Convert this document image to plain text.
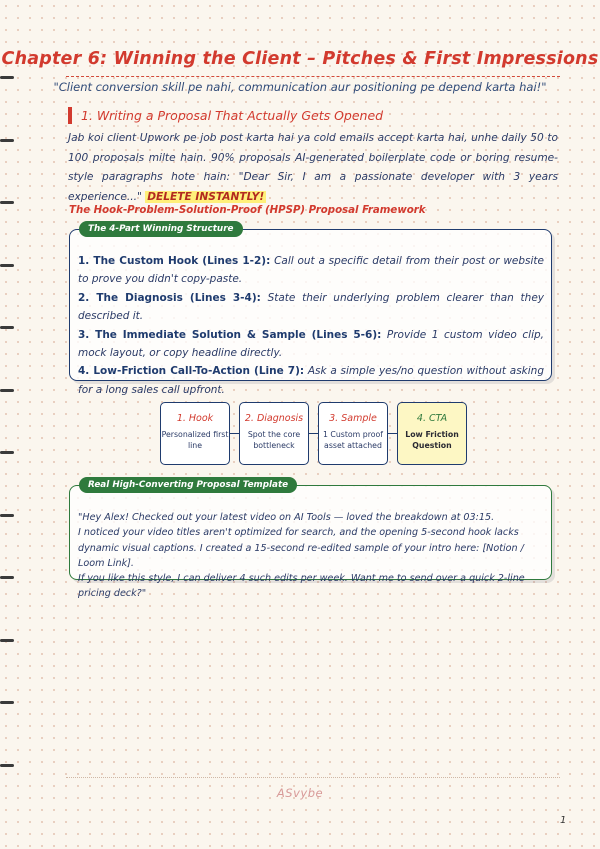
Chapter 6: Winning the Client – Pitches & First Impressions
"Client conversion skill pe nahi, communication aur positioning pe depend karta hai!"
1. Writing a Proposal That Actually Gets Opened
Jab koi client Upwork pe job post karta hai ya cold emails accept karta hai, unhe daily 50 to 100 proposals milte hain. 90% proposals AI-generated boilerplate code or boring resume-style paragraphs hote hain: "Dear Sir, I am a passionate developer with 3 years experience..." DELETE INSTANTLY!
The Hook-Problem-Solution-Proof (HPSP) Proposal Framework
The 4-Part Winning Structure

1. The Custom Hook (Lines 1-2): Call out a specific detail from their post or website to prove you didn't copy-paste.

2. The Diagnosis (Lines 3-4): State their underlying problem clearer than they described it.

3. The Immediate Solution & Sample (Lines 5-6): Provide 1 custom video clip, mock layout, or copy headline directly.

4. Low-Friction Call-To-Action (Line 7): Ask a simple yes/no question without asking for a long sales call upfront.

1. Hook
Personalized first line
2. Diagnosis
Spot the core bottleneck
3. Sample
1 Custom proof asset attached
4. CTA
Low Friction Question
Real High-Converting Proposal Template

"Hey Alex! Checked out your latest video on AI Tools — loved the breakdown at 03:15.

I noticed your video titles aren't optimized for search, and the opening 5-second hook lacks dynamic visual captions. I created a 15-second re-edited sample of your intro here: [Notion / Loom Link].

If you like this style, I can deliver 4 such edits per week. Want me to send over a quick 2-line pricing deck?"

ASvybe
1
